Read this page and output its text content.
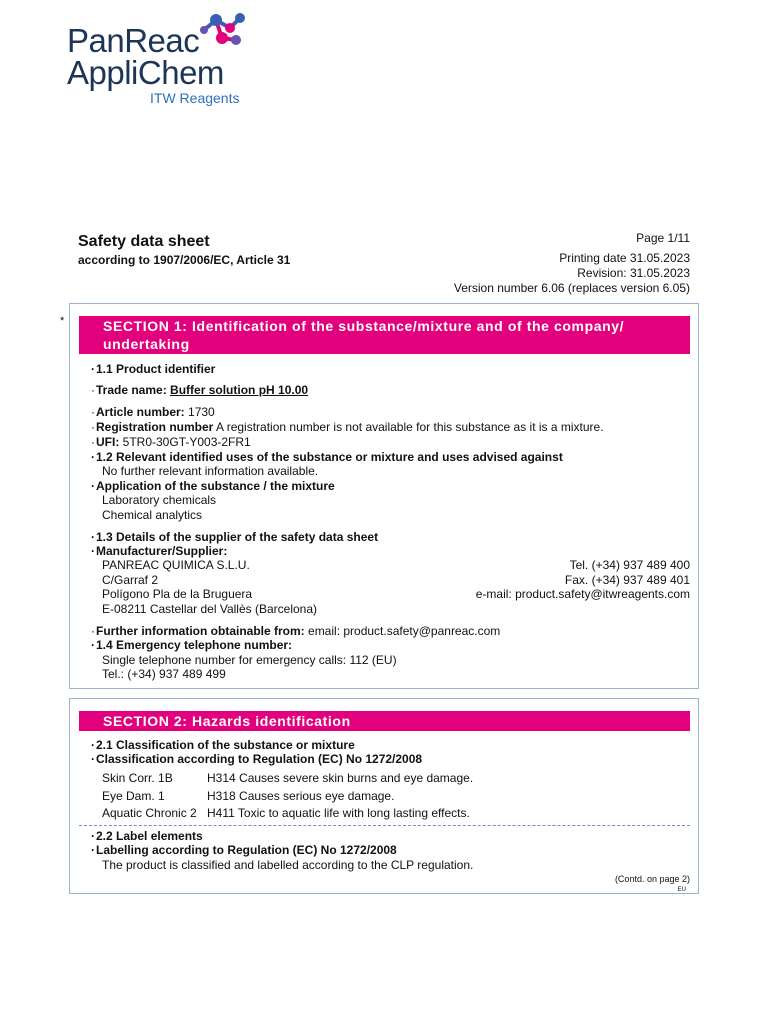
PanReac
AppliChem
ITW Reagents
Safety data sheet
according to 1907/2006/EC, Article 31
Page 1/11
Printing date 31.05.2023
Revision: 31.05.2023
Version number 6.06 (replaces version 6.05)
*	SECTION 1: Identification of the substance/mixture and of the company/
undertaking
· 1.1 Product identifier
· Trade name: Buffer solution pH 10.00
· Article number: 1730
· Registration number A registration number is not available for this substance as it is a mixture.
· UFI: 5TR0-30GT-Y003-2FR1
· 1.2 Relevant identified uses of the substance or mixture and uses advised against
No further relevant information available.
· Application of the substance / the mixture
Laboratory chemicals
Chemical analytics
· 1.3 Details of the supplier of the safety data sheet
· Manufacturer/Supplier:
PANREAC QUIMICA S.L.U.
C/Garraf 2
Polígono Pla de la Bruguera
E-08211 Castellar del Vallès (Barcelona)
Tel. (+34) 937 489 400
Fax. (+34) 937 489 401
e-mail: product.safety@itwreagents.com
· Further information obtainable from: email: product.safety@panreac.com
· 1.4 Emergency telephone number:
Single telephone number for emergency calls: 112 (EU)
Tel.: (+34) 937 489 499
SECTION 2: Hazards identification
· 2.1 Classification of the substance or mixture
· Classification according to Regulation (EC) No 1272/2008
Skin Corr. 1B	H314 Causes severe skin burns and eye damage.
Eye Dam. 1	H318 Causes serious eye damage.
Aquatic Chronic 2 H411 Toxic to aquatic life with long lasting effects.
· 2.2 Label elements
· Labelling according to Regulation (EC) No 1272/2008
The product is classified and labelled according to the CLP regulation.
(Contd. on page 2)
EU
